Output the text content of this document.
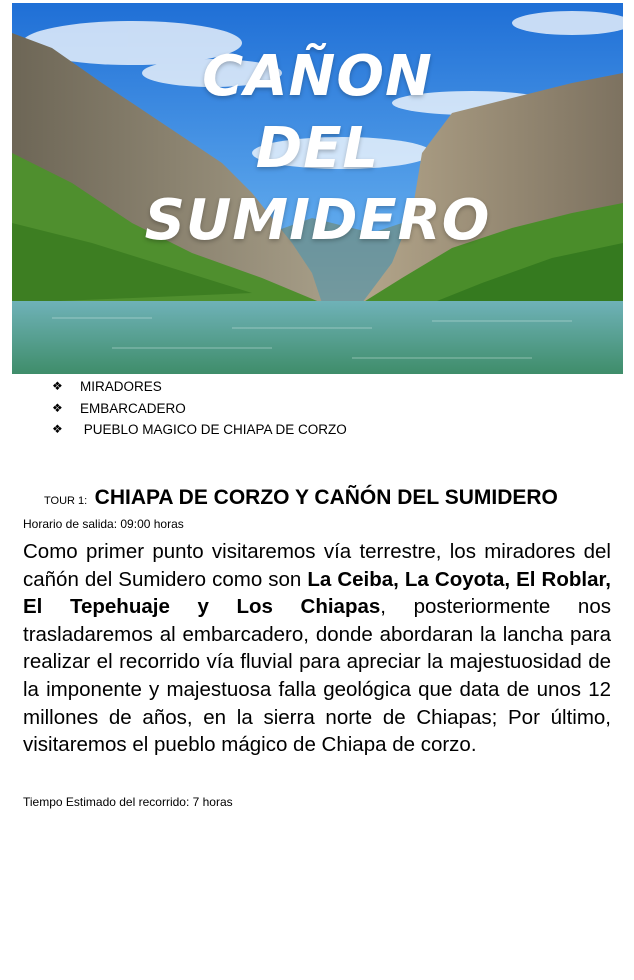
CAÑON
DEL
SUMIDERO
❖	MIRADORES
❖	EMBARCADERO
❖	PUEBLO MAGICO DE CHIAPA DE CORZO
TOUR 1: CHIAPA DE CORZO Y CAÑÓN DEL SUMIDERO
Horario de salida: 09:00 horas

Como primer punto visitaremos vía terrestre, los miradores del   cañón del Sumidero como son La Ceiba, La Coyota, El Roblar, El Tepehuaje y Los Chiapas, posteriormente nos trasladaremos al embarcadero, donde abordaran la lancha para realizar el recorrido vía fluvial para apreciar la majestuosidad de la imponente y majestuosa falla geológica que data de unos 12 millones de años, en la sierra norte de Chiapas; Por último, visitaremos el pueblo mágico de Chiapa de corzo.

Tiempo Estimado del recorrido: 7 horas
